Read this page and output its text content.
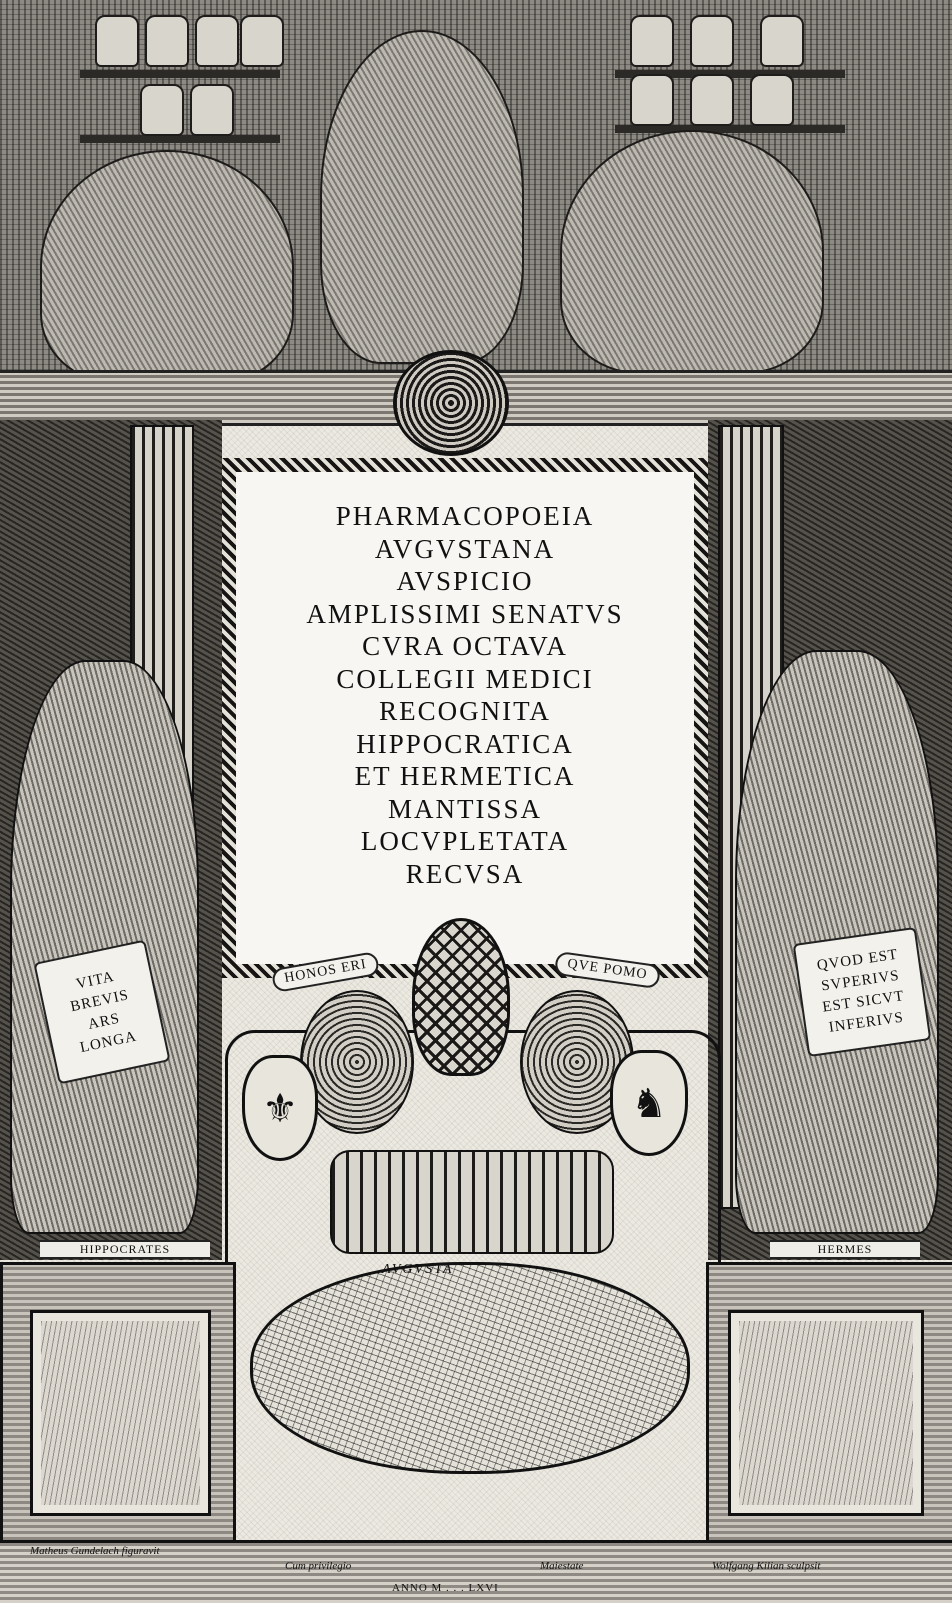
VITA
BREVIS
ARS
LONGA
QVOD EST
SVPERIVS
EST SICVT
INFERIVS
PHARMACOPOEIA
AVGVSTANA
AVSPICIO
AMPLISSIMI SENATVS
CVRA OCTAVA
COLLEGII MEDICI
RECOGNITA
HIPPOCRATICA
ET HERMETICA
MANTISSA
LOCVPLETATA
RECVSA
HONOS ERI	QVE POMO
⚜	♞
AVGVSTA
HIPPOCRATES	HERMES
Matheus Gundelach figuravit
Cum privilegio	Maiestate	Wolfgang Kilian sculpsit
ANNO M . . . LXVI
